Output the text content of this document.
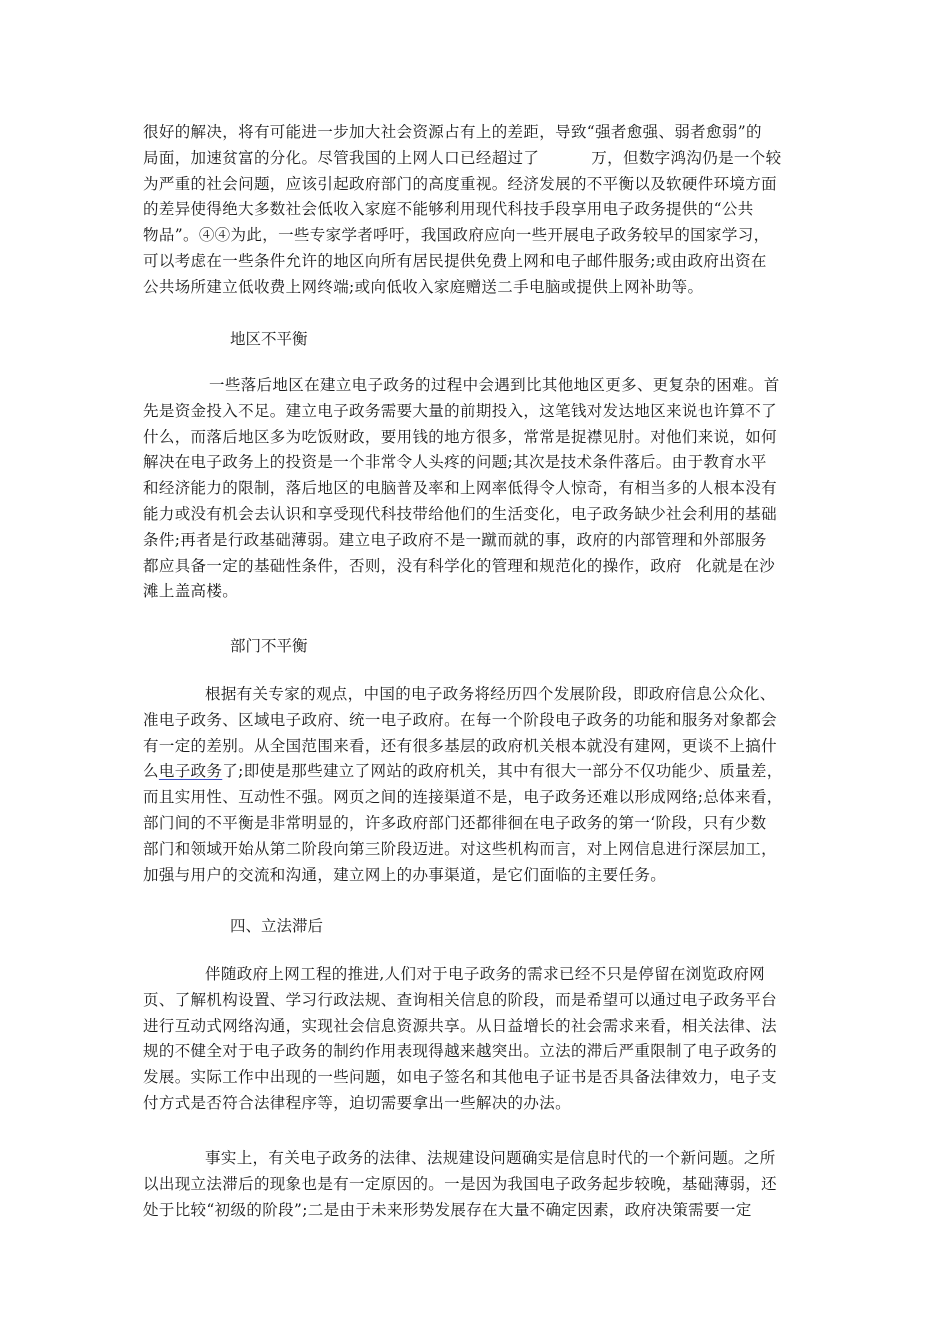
很好的解决，将有可能进一步加大社会资源占有上的差距，导致“强者愈强、弱者愈弱”的
局面，加速贫富的分化。尽管我国的上网人口已经超过了	万，但数字鸿沟仍是一个较
为严重的社会问题，应该引起政府部门的高度重视。经济发展的不平衡以及软硬件环境方面
的差异使得绝大多数社会低收入家庭不能够利用现代科技手段享用电子政务提供的“公共
物品”。④④为此，一些专家学者呼吁，我国政府应向一些开展电子政务较早的国家学习，
可以考虑在一些条件允许的地区向所有居民提供免费上网和电子邮件服务;或由政府出资在
公共场所建立低收费上网终端;或向低收入家庭赠送二手电脑或提供上网补助等。
地区不平衡
一些落后地区在建立电子政务的过程中会遇到比其他地区更多、更复杂的困难。首
先是资金投入不足。建立电子政务需要大量的前期投入，这笔钱对发达地区来说也许算不了
什么，而落后地区多为吃饭财政，要用钱的地方很多，常常是捉襟见肘。对他们来说，如何
解决在电子政务上的投资是一个非常令人头疼的问题;其次是技术条件落后。由于教育水平
和经济能力的限制，落后地区的电脑普及率和上网率低得令人惊奇，有相当多的人根本没有
能力或没有机会去认识和享受现代科技带给他们的生活变化，电子政务缺少社会利用的基础
条件;再者是行政基础薄弱。建立电子政府不是一蹴而就的事，政府的内部管理和外部服务
都应具备一定的基础性条件，否则，没有科学化的管理和规范化的操作，政府 化就是在沙
滩上盖高楼。
部门不平衡
根据有关专家的观点，中国的电子政务将经历四个发展阶段，即政府信息公众化、
准电子政务、区域电子政府、统一电子政府。在每一个阶段电子政务的功能和服务对象都会
有一定的差别。从全国范围来看，还有很多基层的政府机关根本就没有建网，更谈不上搞什
么电子政务了;即使是那些建立了网站的政府机关，其中有很大一部分不仅功能少、质量差，
而且实用性、互动性不强。网页之间的连接渠道不是，电子政务还难以形成网络;总体来看，
部门间的不平衡是非常明显的，许多政府部门还都徘徊在电子政务的第一‘阶段，只有少数
部门和领域开始从第二阶段向第三阶段迈进。对这些机构而言，对上网信息进行深层加工，
加强与用户的交流和沟通，建立网上的办事渠道，是它们面临的主要任务。
四、立法滞后
伴随政府上网工程的推进,人们对于电子政务的需求已经不只是停留在浏览政府网
页、了解机构设置、学习行政法规、查询相关信息的阶段，而是希望可以通过电子政务平台
进行互动式网络沟通，实现社会信息资源共享。从日益增长的社会需求来看，相关法律、法
规的不健全对于电子政务的制约作用表现得越来越突出。立法的滞后严重限制了电子政务的
发展。实际工作中出现的一些问题，如电子签名和其他电子证书是否具备法律效力，电子支
付方式是否符合法律程序等，迫切需要拿出一些解决的办法。
事实上，有关电子政务的法律、法规建设问题确实是信息时代的一个新问题。之所
以出现立法滞后的现象也是有一定原因的。一是因为我国电子政务起步较晚，基础薄弱，还
处于比较“初级的阶段”;二是由于未来形势发展存在大量不确定因素，政府决策需要一定
